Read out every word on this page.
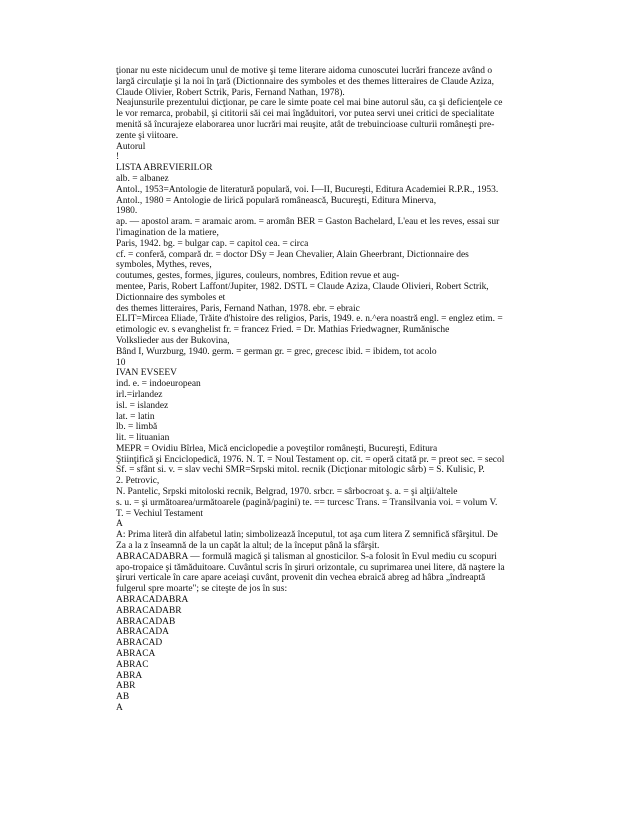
ţionar nu este nicidecum unul de motive şi teme literare aidoma cunoscutei lucrări franceze având o
largă circulaţie şi la noi în ţară (Dictionnaire des symboles et des themes litteraires de Claude Aziza,
Claude Olivier, Robert Sctrik, Paris, Fernand Nathan, 1978).
Neajunsurile prezentului dicţionar, pe care le simte poate cel mai bine autorul său, ca şi deficienţele ce
le vor remarca, probabil, şi cititorii săi cei mai îngăduitori, vor putea servi unei critici de specialitate
menită să încurajeze elaborarea unor lucrări mai reuşite, atât de trebuincioase culturii româneşti pre-
zente şi viitoare.
Autorul
!
LISTA ABREVIERILOR
alb. = albanez
Antol., 1953=Antologie de literatură populară, voi. I—II, Bucureşti, Editura Academiei R.P.R., 1953.
Antol., 1980 = Antologie de lirică populară românească, Bucureşti, Editura Minerva,
1980.
ap. — apostol aram. = aramaic arom. = aromân BER = Gaston Bachelard, L'eau et les reves, essai sur
l'imagination de la matiere,
Paris, 1942. bg. = bulgar cap. = capitol cea. = circa
cf. = conferă, compară dr. = doctor DSy = Jean Chevalier, Alain Gheerbrant, Dictionnaire des
symboles, Mythes, reves,
coutumes, gestes, formes, jigures, couleurs, nombres, Edition revue et aug-
mentee, Paris, Robert Laffont/Jupiter, 1982. DSTL = Claude Aziza, Claude Olivieri, Robert Sctrik,
Dictionnaire des symboles et
des themes litteraires, Paris, Fernand Nathan, 1978. ebr. = ebraic
ELIT=Mircea Eliade, Trăite d'histoire des religios, Paris, 1949. e. n.^era noastră engl. = englez etim. =
etimologic ev. s evanghelist fr. = francez Fried. = Dr. Mathias Friedwagner, Rumănische
Volkslieder aus der Bukovina,
Bând I, Wurzburg, 1940. germ. = german gr. = grec, grecesc ibid. = ibidem, tot acolo
10
IVAN EVSEEV
ind. e. = indoeuropean
irl.=irlandez
isl. = islandez
lat. = latin
lb. = limbă
lit. = lituanian
MEPR = Ovidiu Bîrlea, Mică enciclopedie a poveştilor româneşti, Bucureşti, Editura
Ştiinţifică şi Enciclopedică, 1976. N. T. = Noul Testament op. cit. = operă citată pr. = preot sec. = secol
Sf. = sfânt si. v. = slav vechi SMR=Srpski mitol. recnik (Dicţionar mitologic sârb) = S. Kulisic, P.
2. Petrovic,
N. Pantelic, Srpski mitoloski recnik, Belgrad, 1970. srbcr. = sârbocroat ş. a. = şi alţii/altele
s. u. = şi următoarea/următoarele (pagină/pagini) te. == turcesc Trans. = Transilvania voi. = volum V.
T. = Vechiul Testament
A
A: Prima literă din alfabetul latin; simbolizează începutul, tot aşa cum litera Z semnifică sfârşitul. De
Za a la z înseamnă de la un capăt la altul; de la început până la sfârşit.
ABRACADABRA — formulă magică şi talisman al gnosticilor. S-a folosit în Evul mediu cu scopuri
apo-tropaice şi tămăduitoare. Cuvântul scris în şiruri orizontale, cu suprimarea unei litere, dă naştere la
şiruri verticale în care apare aceiaşi cuvânt, provenit din vechea ebraică abreg ad hâbra „îndreaptă
fulgerul spre moarte"; se citeşte de jos în sus:
ABRACADABRA
ABRACADABR
ABRACADAB
ABRACADA
ABRACAD
ABRACA
ABRAC
ABRA
ABR
AB
A
